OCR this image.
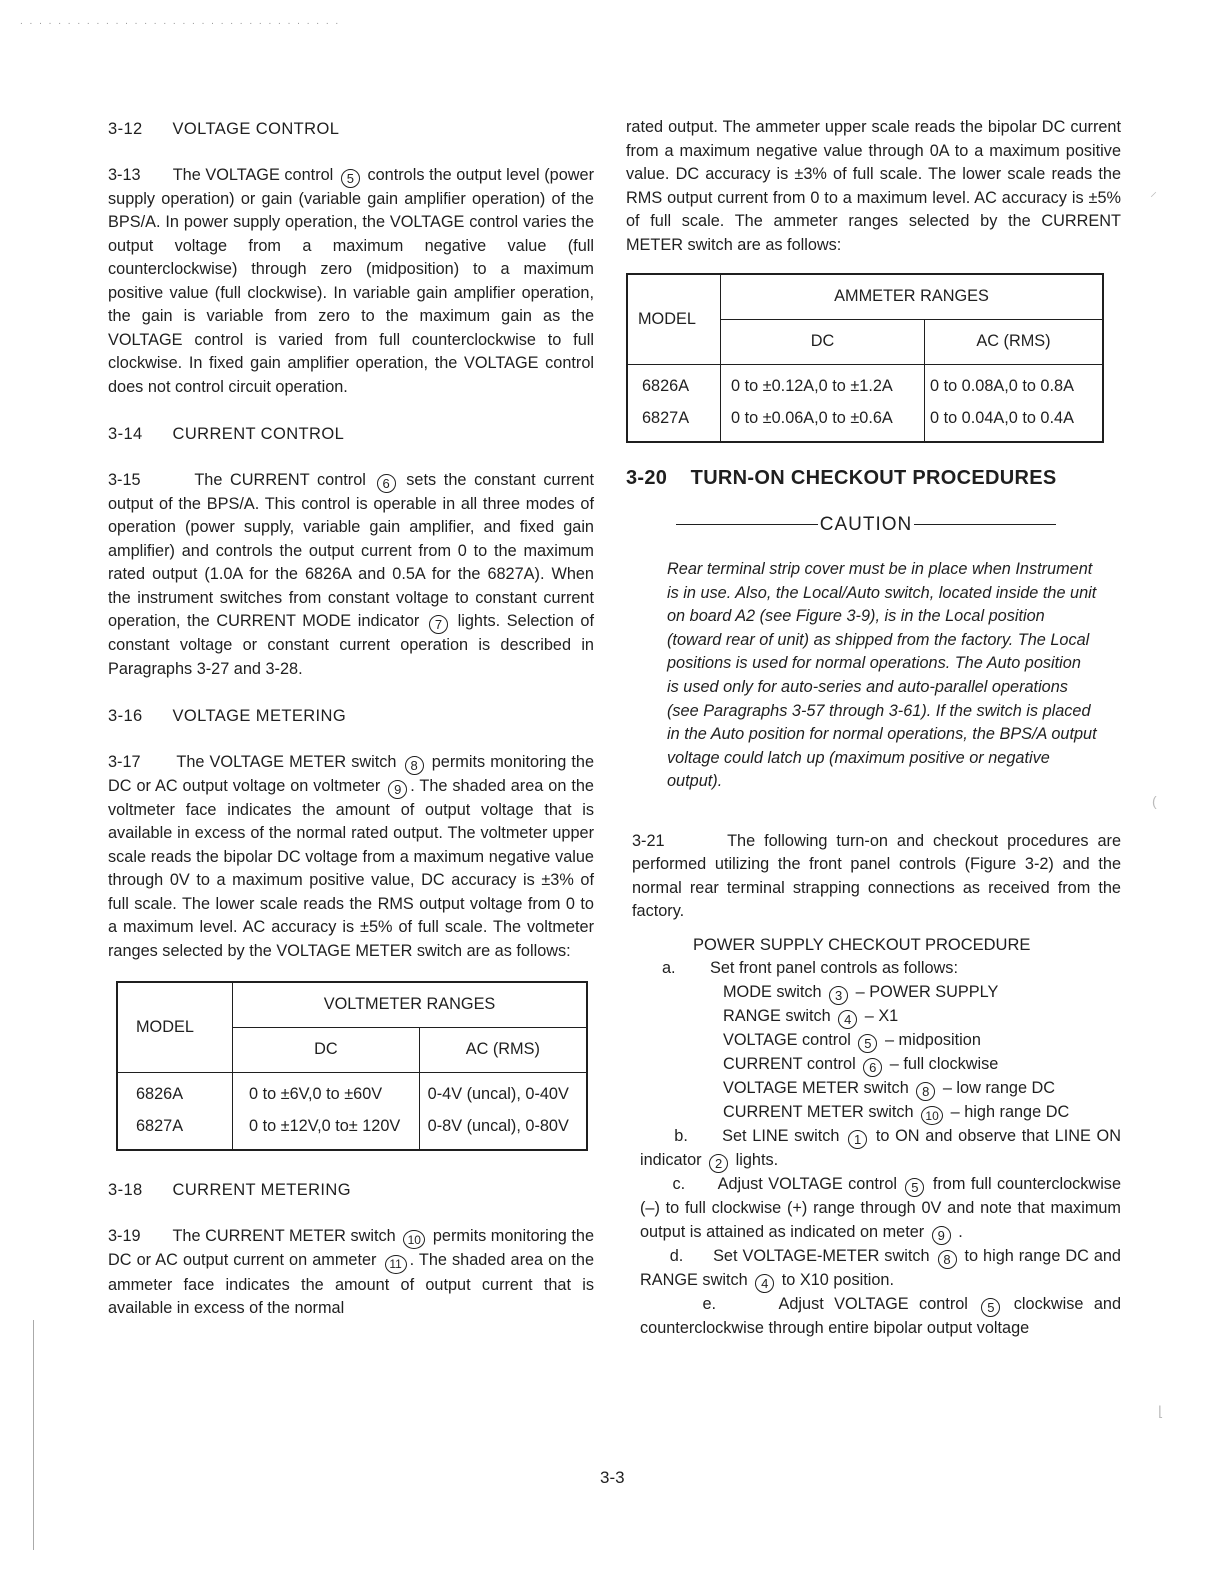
. . . . . . . . . . . . . . . . . . . . . . . . . . . . . . . . . .
⸝
(
⌊
3-12 VOLTAGE CONTROL

3-13 The VOLTAGE control 5 controls the output level (power supply operation) or gain (variable gain amplifier operation) of the BPS/A. In power supply operation, the VOLTAGE control varies the output voltage from a maximum negative value (full counterclockwise) through zero (midposition) to a maximum positive value (full clockwise). In variable gain amplifier operation, the gain is variable from zero to the maximum gain as the VOLTAGE control is varied from full counterclockwise to full clockwise. In fixed gain amplifier operation, the VOLTAGE control does not control circuit operation.

3-14 CURRENT CONTROL

3-15	The CURRENT control 6 sets the constant current output of the BPS/A. This control is operable in all three modes of operation (power supply, variable gain amplifier, and fixed gain amplifier) and controls the output current from 0 to the maximum rated output (1.0A for the 6826A and 0.5A for the 6827A). When the instrument switches from constant voltage to constant current operation, the CURRENT MODE indicator 7 lights. Selection of constant voltage or constant current operation is described in Paragraphs 3-27 and 3-28.

3-16 VOLTAGE METERING

3-17 The VOLTAGE METER switch 8 permits monitoring the DC or AC output voltage on voltmeter 9 . The shaded area on the voltmeter face indicates the amount of output voltage that is available in excess of the normal rated output. The voltmeter upper scale reads the bipolar DC voltage from a maximum negative value through 0V to a maximum positive value, DC accuracy is ±3% of full scale. The lower scale reads the RMS output voltage from 0 to a maximum level. AC accuracy is ±5% of full scale. The voltmeter ranges selected by the VOLTAGE METER switch are as follows:

MODEL	VOLTMETER RANGES	
	DC	AC (RMS)
6826A	0 to ±6V,0 to ±60V	0-4V (uncal), 0-40V
6827A	0 to ±12V,0 to± 120V	0-8V (uncal), 0-80V
3-18 CURRENT METERING

3-19 The CURRENT METER switch 10 permits monitoring the DC or AC output current on ammeter 11 . The shaded area on the ammeter face indicates the amount of output current that is available in excess of the normal

rated output. The ammeter upper scale reads the bipolar DC current from a maximum negative value through 0A to a maximum positive value. DC accuracy is ±3% of full scale. The lower scale reads the RMS output current from 0 to a maximum level. AC accuracy is ±5% of full scale. The ammeter ranges selected by the CURRENT METER switch are as follows:

MODEL	AMMETER RANGES	
	DC	AC (RMS)
6826A	0 to ±0.12A,0 to ±1.2A	0 to 0.08A,0 to 0.8A
6827A	0 to ±0.06A,0 to ±0.6A	0 to 0.04A,0 to 0.4A
3-20 TURN-ON CHECKOUT PROCEDURES
CAUTION

Rear terminal strip cover must be in place when Instrument is in use. Also, the Local/Auto switch, located inside the unit on board A2 (see Figure 3-9), is in the Local position (toward rear of unit) as shipped from the factory. The Local positions is used for normal operations. The Auto position is used only for auto-series and auto-parallel operations (see Paragraphs 3-57 through 3-61). If the switch is placed in the Auto position for normal operations, the BPS/A output voltage could latch up (maximum positive or negative output).

3-21	The following turn-on and checkout procedures are performed utilizing the front panel controls (Figure 3-2) and the normal rear terminal strapping connections as received from the factory.

POWER SUPPLY CHECKOUT PROCEDURE
a.	Set front panel controls as follows:
MODE switch 3 – POWER SUPPLY
RANGE switch 4 – X1
VOLTAGE control 5 – midposition
CURRENT control 6 – full clockwise
VOLTAGE METER switch 8 – low range DC
CURRENT METER switch 10 – high range DC

b. Set LINE switch 1 to ON and observe that LINE ON indicator 2 lights.

c. Adjust VOLTAGE control 5 from full counterclockwise (–) to full clockwise (+) range through 0V and note that maximum output is attained as indicated on meter 9 .

d. Set VOLTAGE-METER switch 8 to high range DC and RANGE switch 4 to X10 position.

e.	Adjust VOLTAGE control 5 clockwise and counterclockwise through entire bipolar output voltage

3-3
